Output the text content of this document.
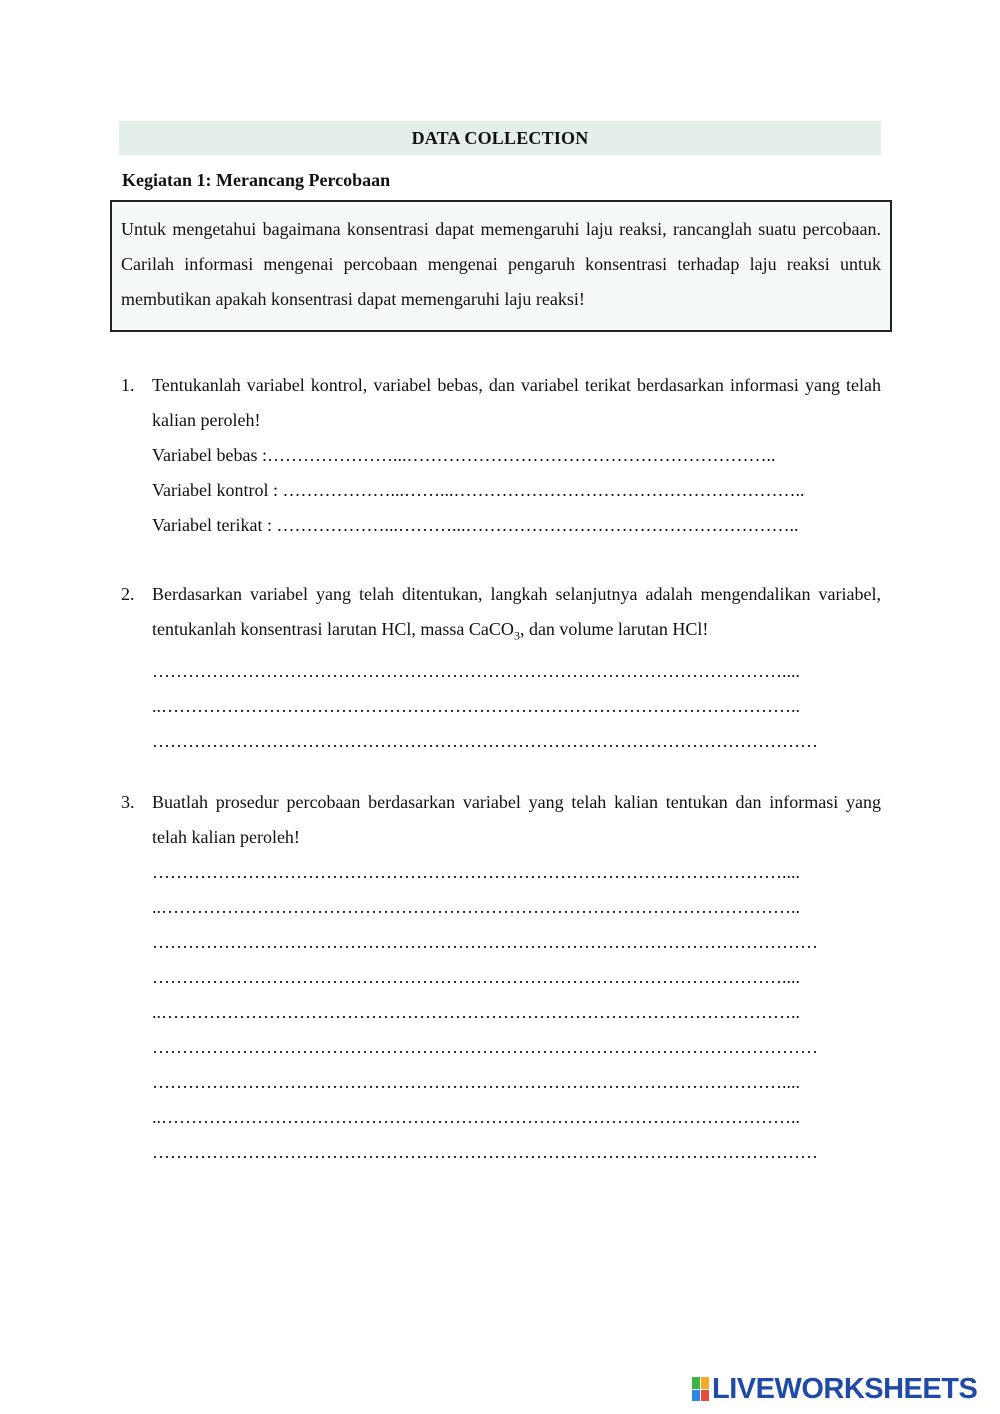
DATA COLLECTION
Kegiatan 1: Merancang Percobaan
Untuk mengetahui bagaimana konsentrasi dapat memengaruhi laju reaksi, rancanglah suatu percobaan. Carilah informasi mengenai percobaan mengenai pengaruh konsentrasi terhadap laju reaksi untuk membutikan apakah konsentrasi dapat memengaruhi laju reaksi!
1. Tentukanlah variabel kontrol, variabel bebas, dan variabel terikat berdasarkan informasi yang telah kalian peroleh!
Variabel bebas :…………………...……………………………………………………..
Variabel kontrol : ………………...……...…………………………………………………..
Variabel terikat : ………………...………...………………………………………………..
2. Berdasarkan variabel yang telah ditentukan, langkah selanjutnya adalah mengendalikan variabel, tentukanlah konsentrasi larutan HCl, massa CaCO$_3$, dan volume larutan HCl!
……………………………………………………………………………………………....
..……………………………………………………………………………………………..
…………………………………………………………………………………………………
3. Buatlah prosedur percobaan berdasarkan variabel yang telah kalian tentukan dan informasi yang telah kalian peroleh!
……………………………………………………………………………………………....
..……………………………………………………………………………………………..
…………………………………………………………………………………………………
……………………………………………………………………………………………....
..……………………………………………………………………………………………..
…………………………………………………………………………………………………
……………………………………………………………………………………………....
..……………………………………………………………………………………………..
…………………………………………………………………………………………………
LIVEWORKSHEETS
